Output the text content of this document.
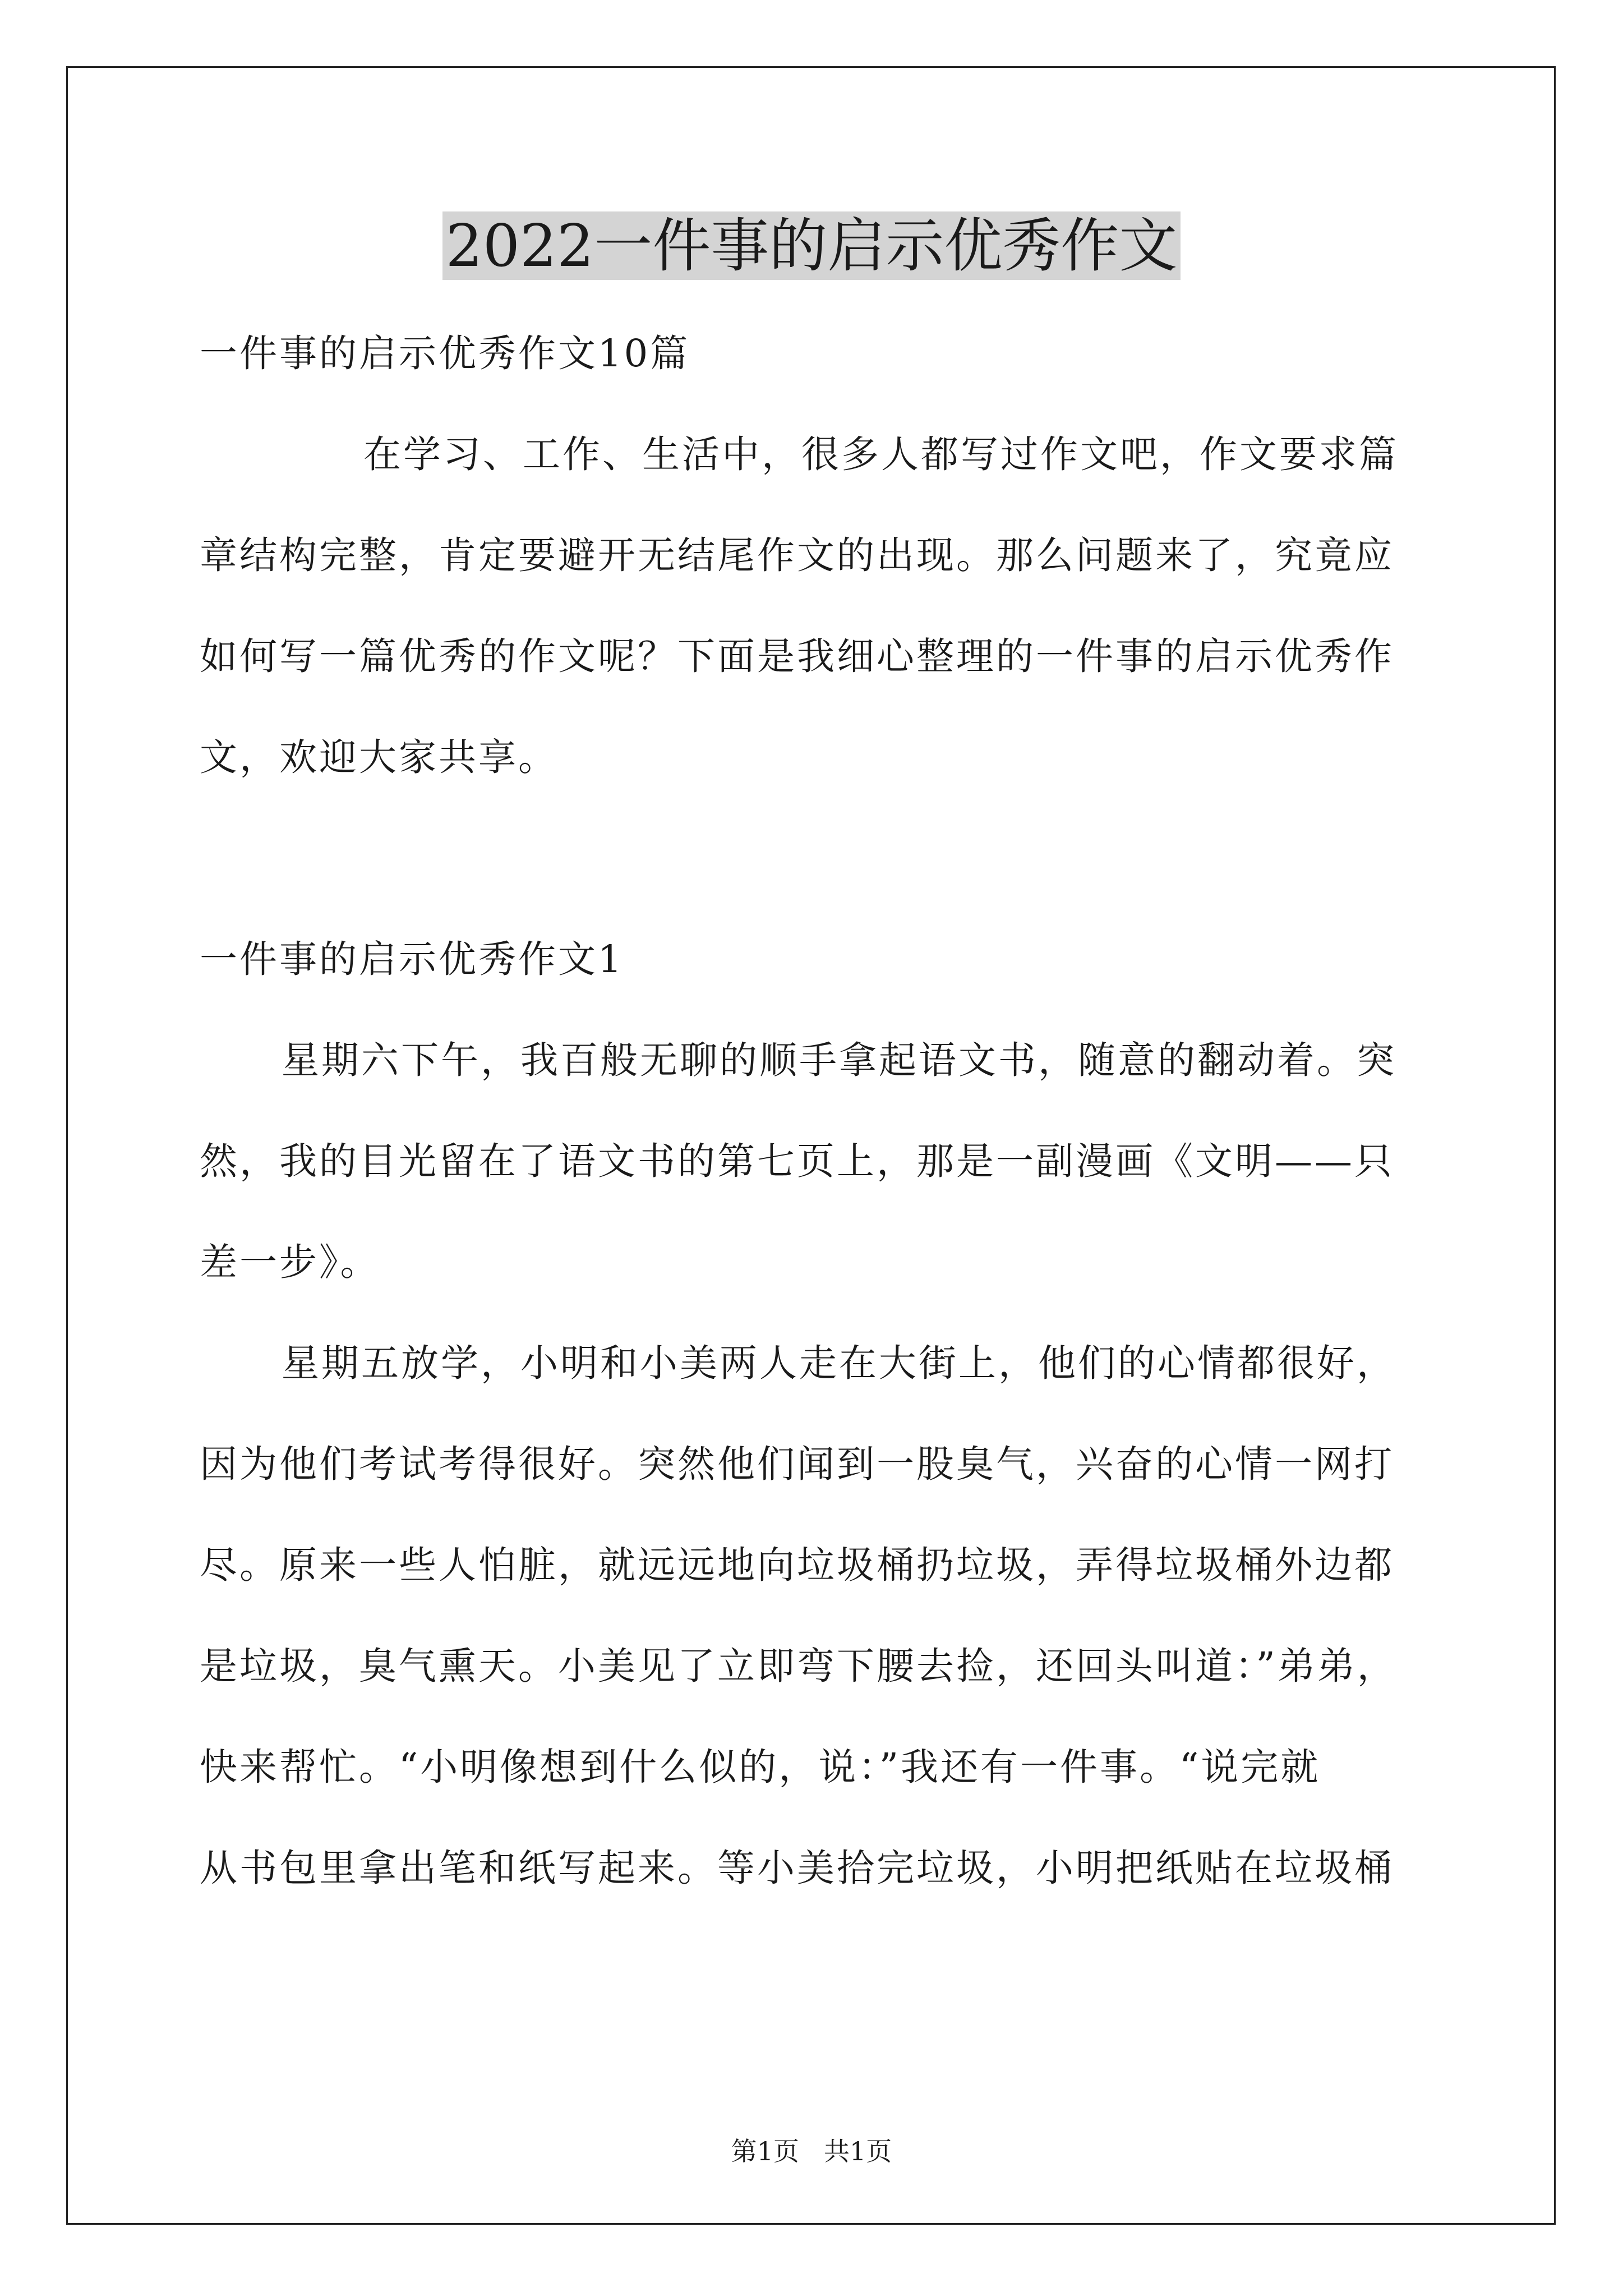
2022一件事的启示优秀作文

一件事的启示优秀作文10篇

在学习、工作、生活中，很多人都写过作文吧，作文要求篇

章结构完整，肯定要避开无结尾作文的出现。那么问题来了，究竟应

如何写一篇优秀的作文呢？下面是我细心整理的一件事的启示优秀作

文，欢迎大家共享。

一件事的启示优秀作文1

星期六下午，我百般无聊的顺手拿起语文书，随意的翻动着。突

然，我的目光留在了语文书的第七页上，那是一副漫画《文明——只

差一步》。

星期五放学，小明和小美两人走在大街上，他们的心情都很好，

因为他们考试考得很好。突然他们闻到一股臭气，兴奋的心情一网打

尽。原来一些人怕脏，就远远地向垃圾桶扔垃圾，弄得垃圾桶外边都

是垃圾，臭气熏天。小美见了立即弯下腰去捡，还回头叫道：”弟弟，

快来帮忙。“小明像想到什么似的，说：”我还有一件事。“说完就

从书包里拿出笔和纸写起来。等小美拾完垃圾，小明把纸贴在垃圾桶

第1页 共1页
